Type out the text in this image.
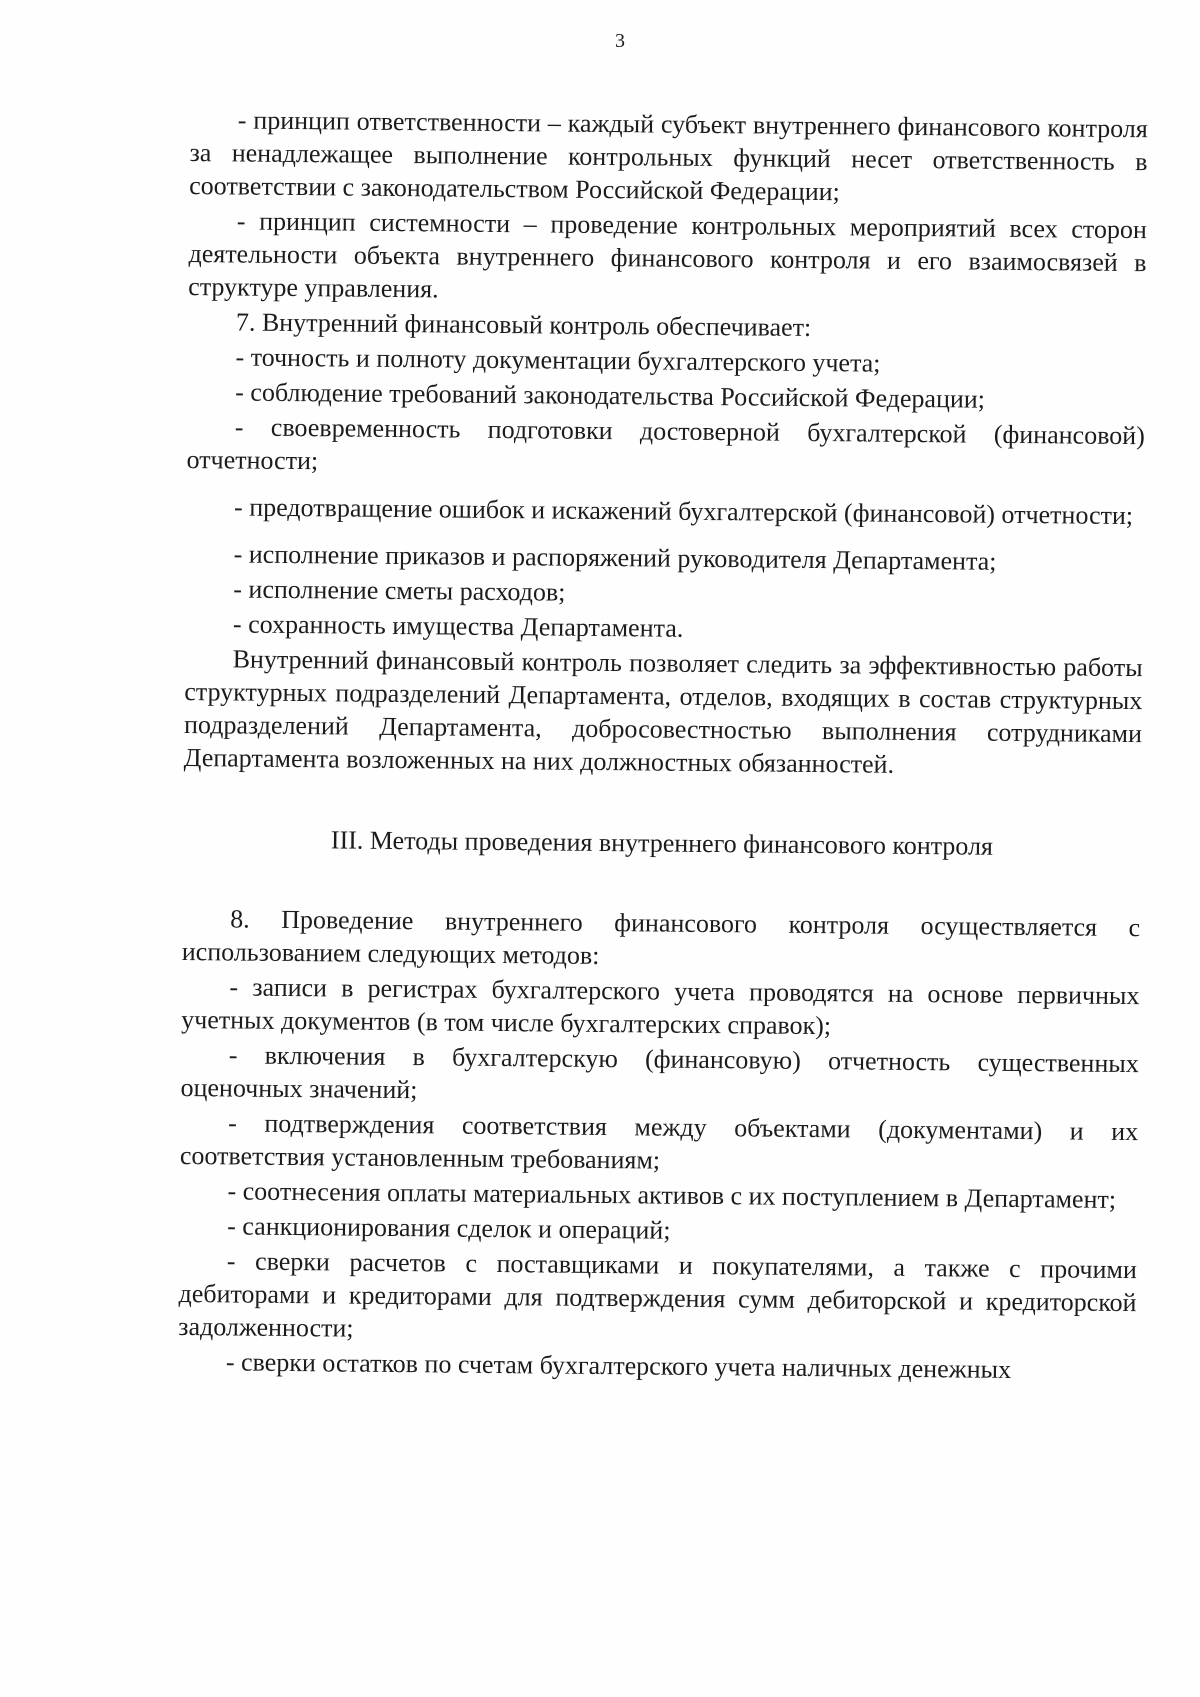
3

- принцип ответственности – каждый субъект внутреннего финансового контроля за ненадлежащее выполнение контрольных функций несет ответственность в соответствии с законодательством Российской Федерации;

- принцип системности – проведение контрольных мероприятий всех сторон деятельности объекта внутреннего финансового контроля и его взаимосвязей в структуре управления.

7. Внутренний финансовый контроль обеспечивает:

- точность и полноту документации бухгалтерского учета;

- соблюдение требований законодательства Российской Федерации;

- своевременность подготовки достоверной бухгалтерской (финансовой) отчетности;

- предотвращение ошибок и искажений бухгалтерской (финансовой) отчетности;

- исполнение приказов и распоряжений руководителя Департамента;

- исполнение сметы расходов;

- сохранность имущества Департамента.

Внутренний финансовый контроль позволяет следить за эффективностью работы структурных подразделений Департамента, отделов, входящих в состав структурных подразделений Департамента, добросовестностью выполнения сотрудниками Департамента возложенных на них должностных обязанностей.

III. Методы проведения внутреннего финансового контроля

8. Проведение внутреннего финансового контроля осуществляется с использованием следующих методов:

- записи в регистрах бухгалтерского учета проводятся на основе первичных учетных документов (в том числе бухгалтерских справок);

- включения в бухгалтерскую (финансовую) отчетность существенных оценочных значений;

- подтверждения соответствия между объектами (документами) и их соответствия установленным требованиям;

- соотнесения оплаты материальных активов с их поступлением в Департамент;

- санкционирования сделок и операций;

- сверки расчетов с поставщиками и покупателями, а также с прочими дебиторами и кредиторами для подтверждения сумм дебиторской и кредиторской задолженности;

- сверки остатков по счетам бухгалтерского учета наличных денежных
